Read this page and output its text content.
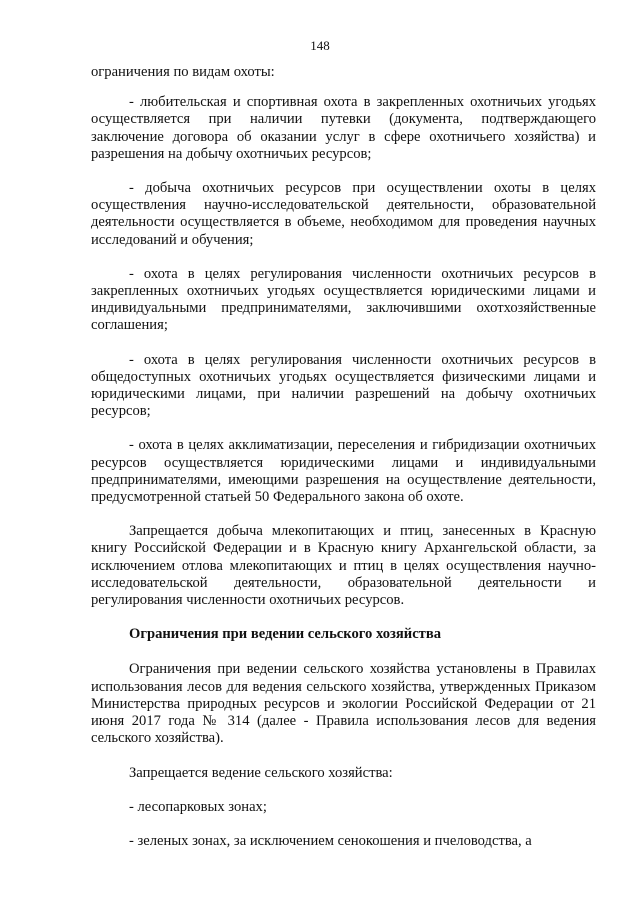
148

ограничения по видам охоты:

- любительская и спортивная охота в закрепленных охотничьих угодьях осуществляется при наличии путевки (документа, подтверждающего заключение договора об оказании услуг в сфере охотничьего хозяйства) и разрешения на добычу охотничьих ресурсов;

- добыча охотничьих ресурсов при осуществлении охоты в целях осуществления научно-исследовательской деятельности, образовательной деятельности осуществляется в объеме, необходимом для проведения научных исследований и обучения;

- охота в целях регулирования численности охотничьих ресурсов в закрепленных охотничьих угодьях осуществляется юридическими лицами и индивидуальными предпринимателями, заключившими охотхозяйственные соглашения;

- охота в целях регулирования численности охотничьих ресурсов в общедоступных охотничьих угодьях осуществляется физическими лицами и юридическими лицами, при наличии разрешений на добычу охотничьих ресурсов;

- охота в целях акклиматизации, переселения и гибридизации охотничьих ресурсов осуществляется юридическими лицами и индивидуальными предпринимателями, имеющими разрешения на осуществление деятельности, предусмотренной статьей 50 Федерального закона об охоте.

Запрещается добыча млекопитающих и птиц, занесенных в Красную книгу Российской Федерации и в Красную книгу Архангельской области, за исключением отлова млекопитающих и птиц в целях осуществления научно-исследовательской деятельности, образовательной деятельности и регулирования численности охотничьих ресурсов.

Ограничения при ведении сельского хозяйства

Ограничения при ведении сельского хозяйства установлены в Правилах использования лесов для ведения сельского хозяйства, утвержденных Приказом Министерства природных ресурсов и экологии Российской Федерации от 21 июня 2017 года № 314 (далее - Правила использования лесов для ведения сельского хозяйства).

Запрещается ведение сельского хозяйства:

- лесопарковых зонах;

- зеленых зонах, за исключением сенокошения и пчеловодства, а
